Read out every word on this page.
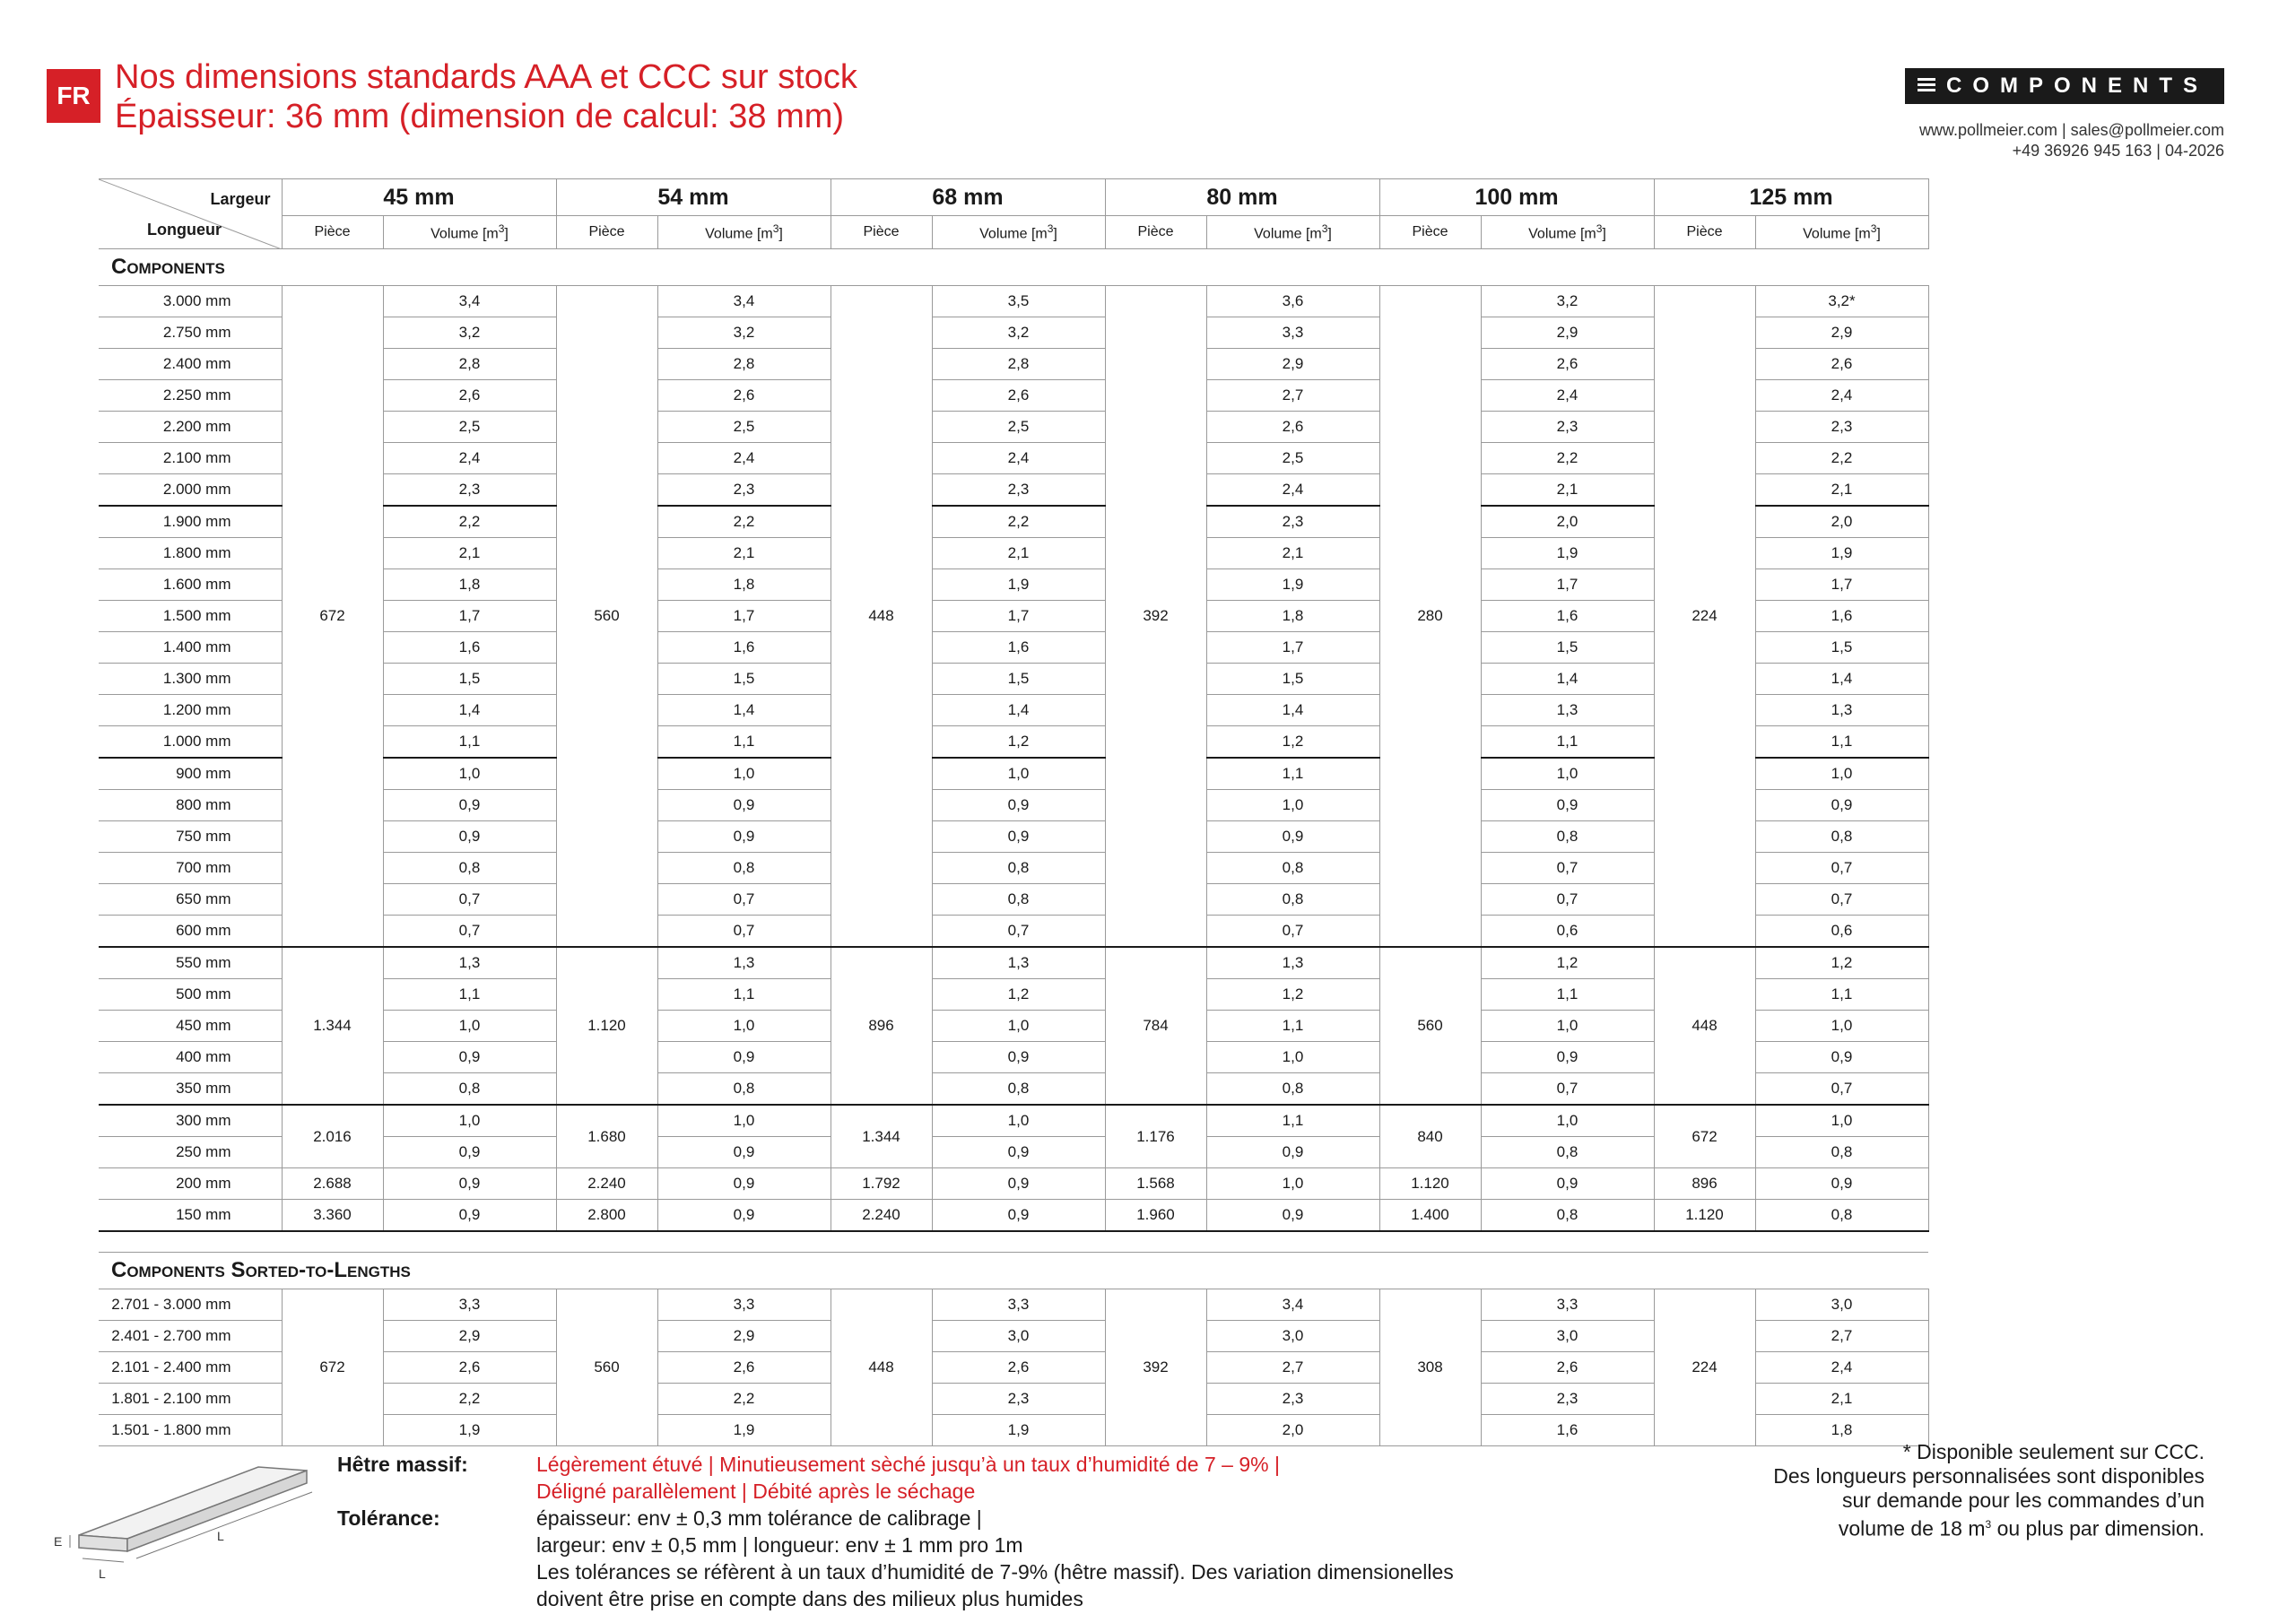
FR Nos dimensions standards AAA et CCC sur stock
Épaisseur: 36 mm (dimension de calcul: 38 mm)
COMPONENTS
www.pollmeier.com | sales@pollmeier.com
+49 36926 945 163 | 04-2026
Largeur
Longueur	45 mm		54 mm		68 mm		80 mm		100 mm		125 mm	
	Pièce	Volume $[m^3]$	Pièce	Volume $[m^3]$	Pièce	Volume $[m^3]$	Pièce	Volume $[m^3]$	Pièce	Volume $[m^3]$	Pièce	Volume $[m^3]$
Components												
3.000 mm	672	3,4	560	3,4	448	3,5	392	3,6	280	3,2	224	3,2*
2.750 mm		3,2		3,2		3,2		3,3		2,9		2,9
2.400 mm		2,8		2,8		2,8		2,9		2,6		2,6
2.250 mm		2,6		2,6		2,6		2,7		2,4		2,4
2.200 mm		2,5		2,5		2,5		2,6		2,3		2,3
2.100 mm		2,4		2,4		2,4		2,5		2,2		2,2
2.000 mm		2,3		2,3		2,3		2,4		2,1		2,1
1.900 mm		2,2		2,2		2,2		2,3		2,0		2,0
1.800 mm		2,1		2,1		2,1		2,1		1,9		1,9
1.600 mm		1,8		1,8		1,9		1,9		1,7		1,7
1.500 mm		1,7		1,7		1,7		1,8		1,6		1,6
1.400 mm		1,6		1,6		1,6		1,7		1,5		1,5
1.300 mm		1,5		1,5		1,5		1,5		1,4		1,4
1.200 mm		1,4		1,4		1,4		1,4		1,3		1,3
1.000 mm		1,1		1,1		1,2		1,2		1,1		1,1
900 mm		1,0		1,0		1,0		1,1		1,0		1,0
800 mm		0,9		0,9		0,9		1,0		0,9		0,9
750 mm		0,9		0,9		0,9		0,9		0,8		0,8
700 mm		0,8		0,8		0,8		0,8		0,7		0,7
650 mm		0,7		0,7		0,8		0,8		0,7		0,7
600 mm		0,7		0,7		0,7		0,7		0,6		0,6
550 mm	1.344	1,3	1.120	1,3	896	1,3	784	1,3	560	1,2	448	1,2
500 mm		1,1		1,1		1,2		1,2		1,1		1,1
450 mm		1,0		1,0		1,0		1,1		1,0		1,0
400 mm		0,9		0,9		0,9		1,0		0,9		0,9
350 mm		0,8		0,8		0,8		0,8		0,7		0,7
300 mm	2.016	1,0	1.680	1,0	1.344	1,0	1.176	1,1	840	1,0	672	1,0
250 mm		0,9		0,9		0,9		0,9		0,8		0,8
200 mm	2.688	0,9	2.240	0,9	1.792	0,9	1.568	1,0	1.120	0,9	896	0,9
150 mm	3.360	0,9	2.800	0,9	2.240	0,9	1.960	0,9	1.400	0,8	1.120	0,8

Components Sorted-to-Lengths												
2.701 - 3.000 mm	672	3,3	560	3,3	448	3,3	392	3,4	308	3,3	224	3,0
2.401 - 2.700 mm		2,9		2,9		3,0		3,0		3,0		2,7
2.101 - 2.400 mm		2,6		2,6		2,6		2,7		2,6		2,4
1.801 - 2.100 mm		2,2		2,2		2,3		2,3		2,3		2,1
1.501 - 1.800 mm		1,9		1,9		1,9		2,0		1,6		1,8
E
L
L
Hêtre massif:

Tolérance:
Légèrement étuvé | Minutieusement sèché jusqu’à un taux d’humidité de 7 – 9% |
Déligné parallèlement | Débité après le séchage
épaisseur: env ± 0,3 mm tolérance de calibrage |
largeur: env ± 0,5 mm | longueur: env ± 1 mm pro 1m
Les tolérances se réfèrent à un taux d’humidité de 7-9% (hêtre massif). Des variation dimensionelles
doivent être prise en compte dans des milieux plus humides
* Disponible seulement sur CCC.
Des longueurs personnalisées sont disponibles
sur demande pour les commandes d’un
volume de 18 $m^3$ ou plus par dimension.
